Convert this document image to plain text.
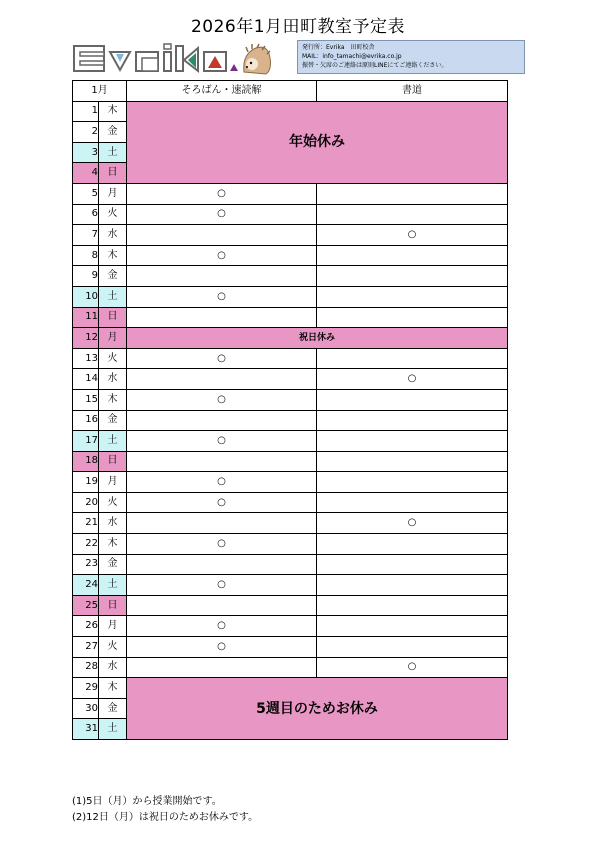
2026年1月田町教室予定表
発行所：Evrika　田町校舎
MAIL：info_tamachi@evrika.co.jp
振替・欠席のご連絡は原則LINEにてご連絡ください。
1月		そろばん・速読解	書道
1	木	年始休み	
2	金		
3	土		
4	日		
5	月	○	
6	火	○	
7	水		○
8	木	○	
9	金		
10	土	○	
11	日		
12	月	祝日休み	
13	火	○	
14	水		○
15	木	○	
16	金		
17	土	○	
18	日		
19	月	○	
20	火	○	
21	水		○
22	木	○	
23	金		
24	土	○	
25	日		
26	月	○	
27	火	○	
28	水		○
29	木	5週目のためお休み	
30	金		
31	土		
(1)5日（月）から授業開始です。
(2)12日（月）は祝日のためお休みです。
